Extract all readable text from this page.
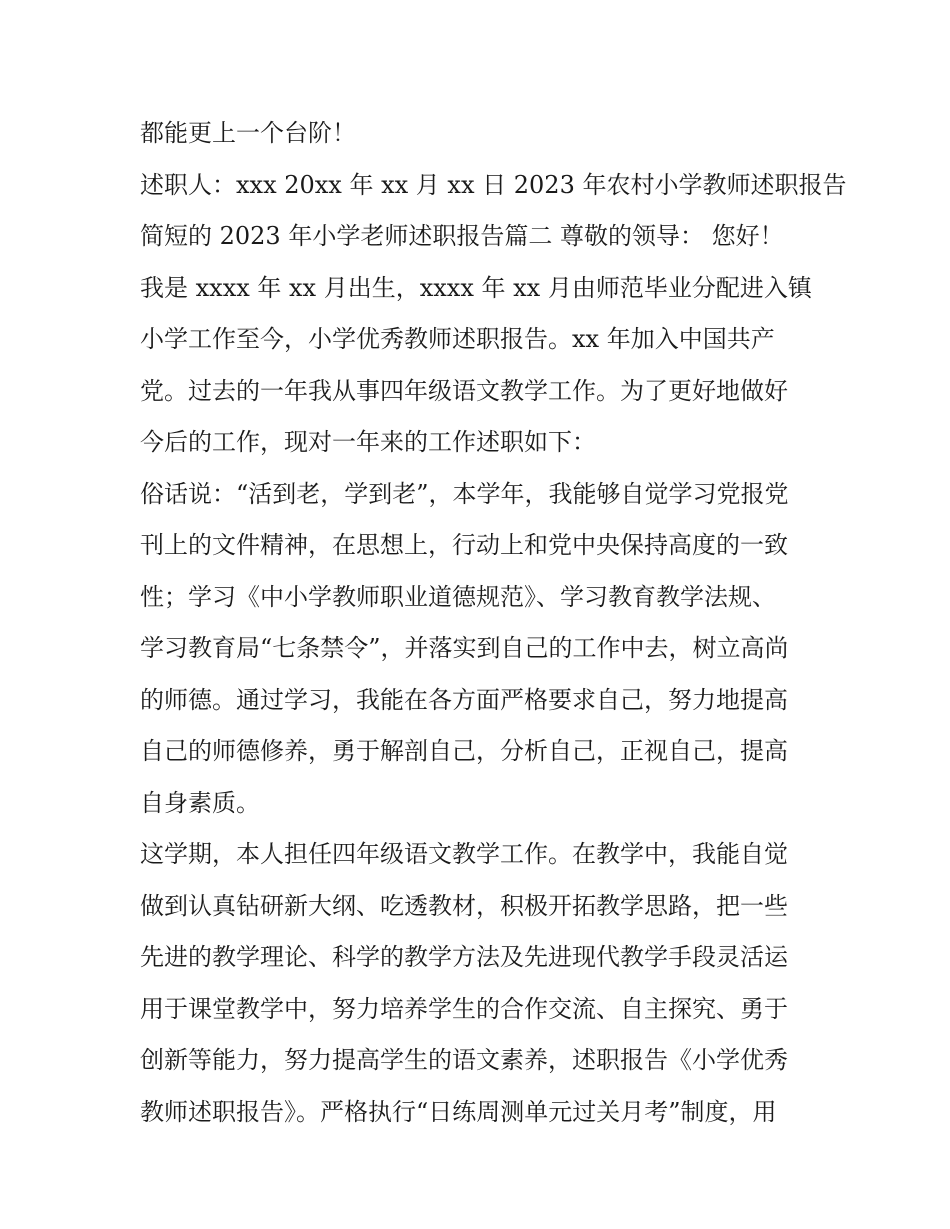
都能更上一个台阶！
述职人：xxx 20xx 年 xx 月 xx 日 2023 年农村小学教师述职报告
简短的 2023 年小学老师述职报告篇二 尊敬的领导： 您好！
我是 xxxx 年 xx 月出生，xxxx 年 xx 月由师范毕业分配进入镇
小学工作至今，小学优秀教师述职报告。xx 年加入中国共产
党。过去的一年我从事四年级语文教学工作。为了更好地做好
今后的工作，现对一年来的工作述职如下：
俗话说：“活到老，学到老”，本学年，我能够自觉学习党报党
刊上的文件精神，在思想上，行动上和党中央保持高度的一致
性；学习《中小学教师职业道德规范》、学习教育教学法规、
学习教育局“七条禁令”，并落实到自己的工作中去，树立高尚
的师德。通过学习，我能在各方面严格要求自己，努力地提高
自己的师德修养，勇于解剖自己，分析自己，正视自己，提高
自身素质。
这学期，本人担任四年级语文教学工作。在教学中，我能自觉
做到认真钻研新大纲、吃透教材，积极开拓教学思路，把一些
先进的教学理论、科学的教学方法及先进现代教学手段灵活运
用于课堂教学中，努力培养学生的合作交流、自主探究、勇于
创新等能力，努力提高学生的语文素养，述职报告《小学优秀
教师述职报告》。严格执行“日练周测单元过关月考”制度，用
